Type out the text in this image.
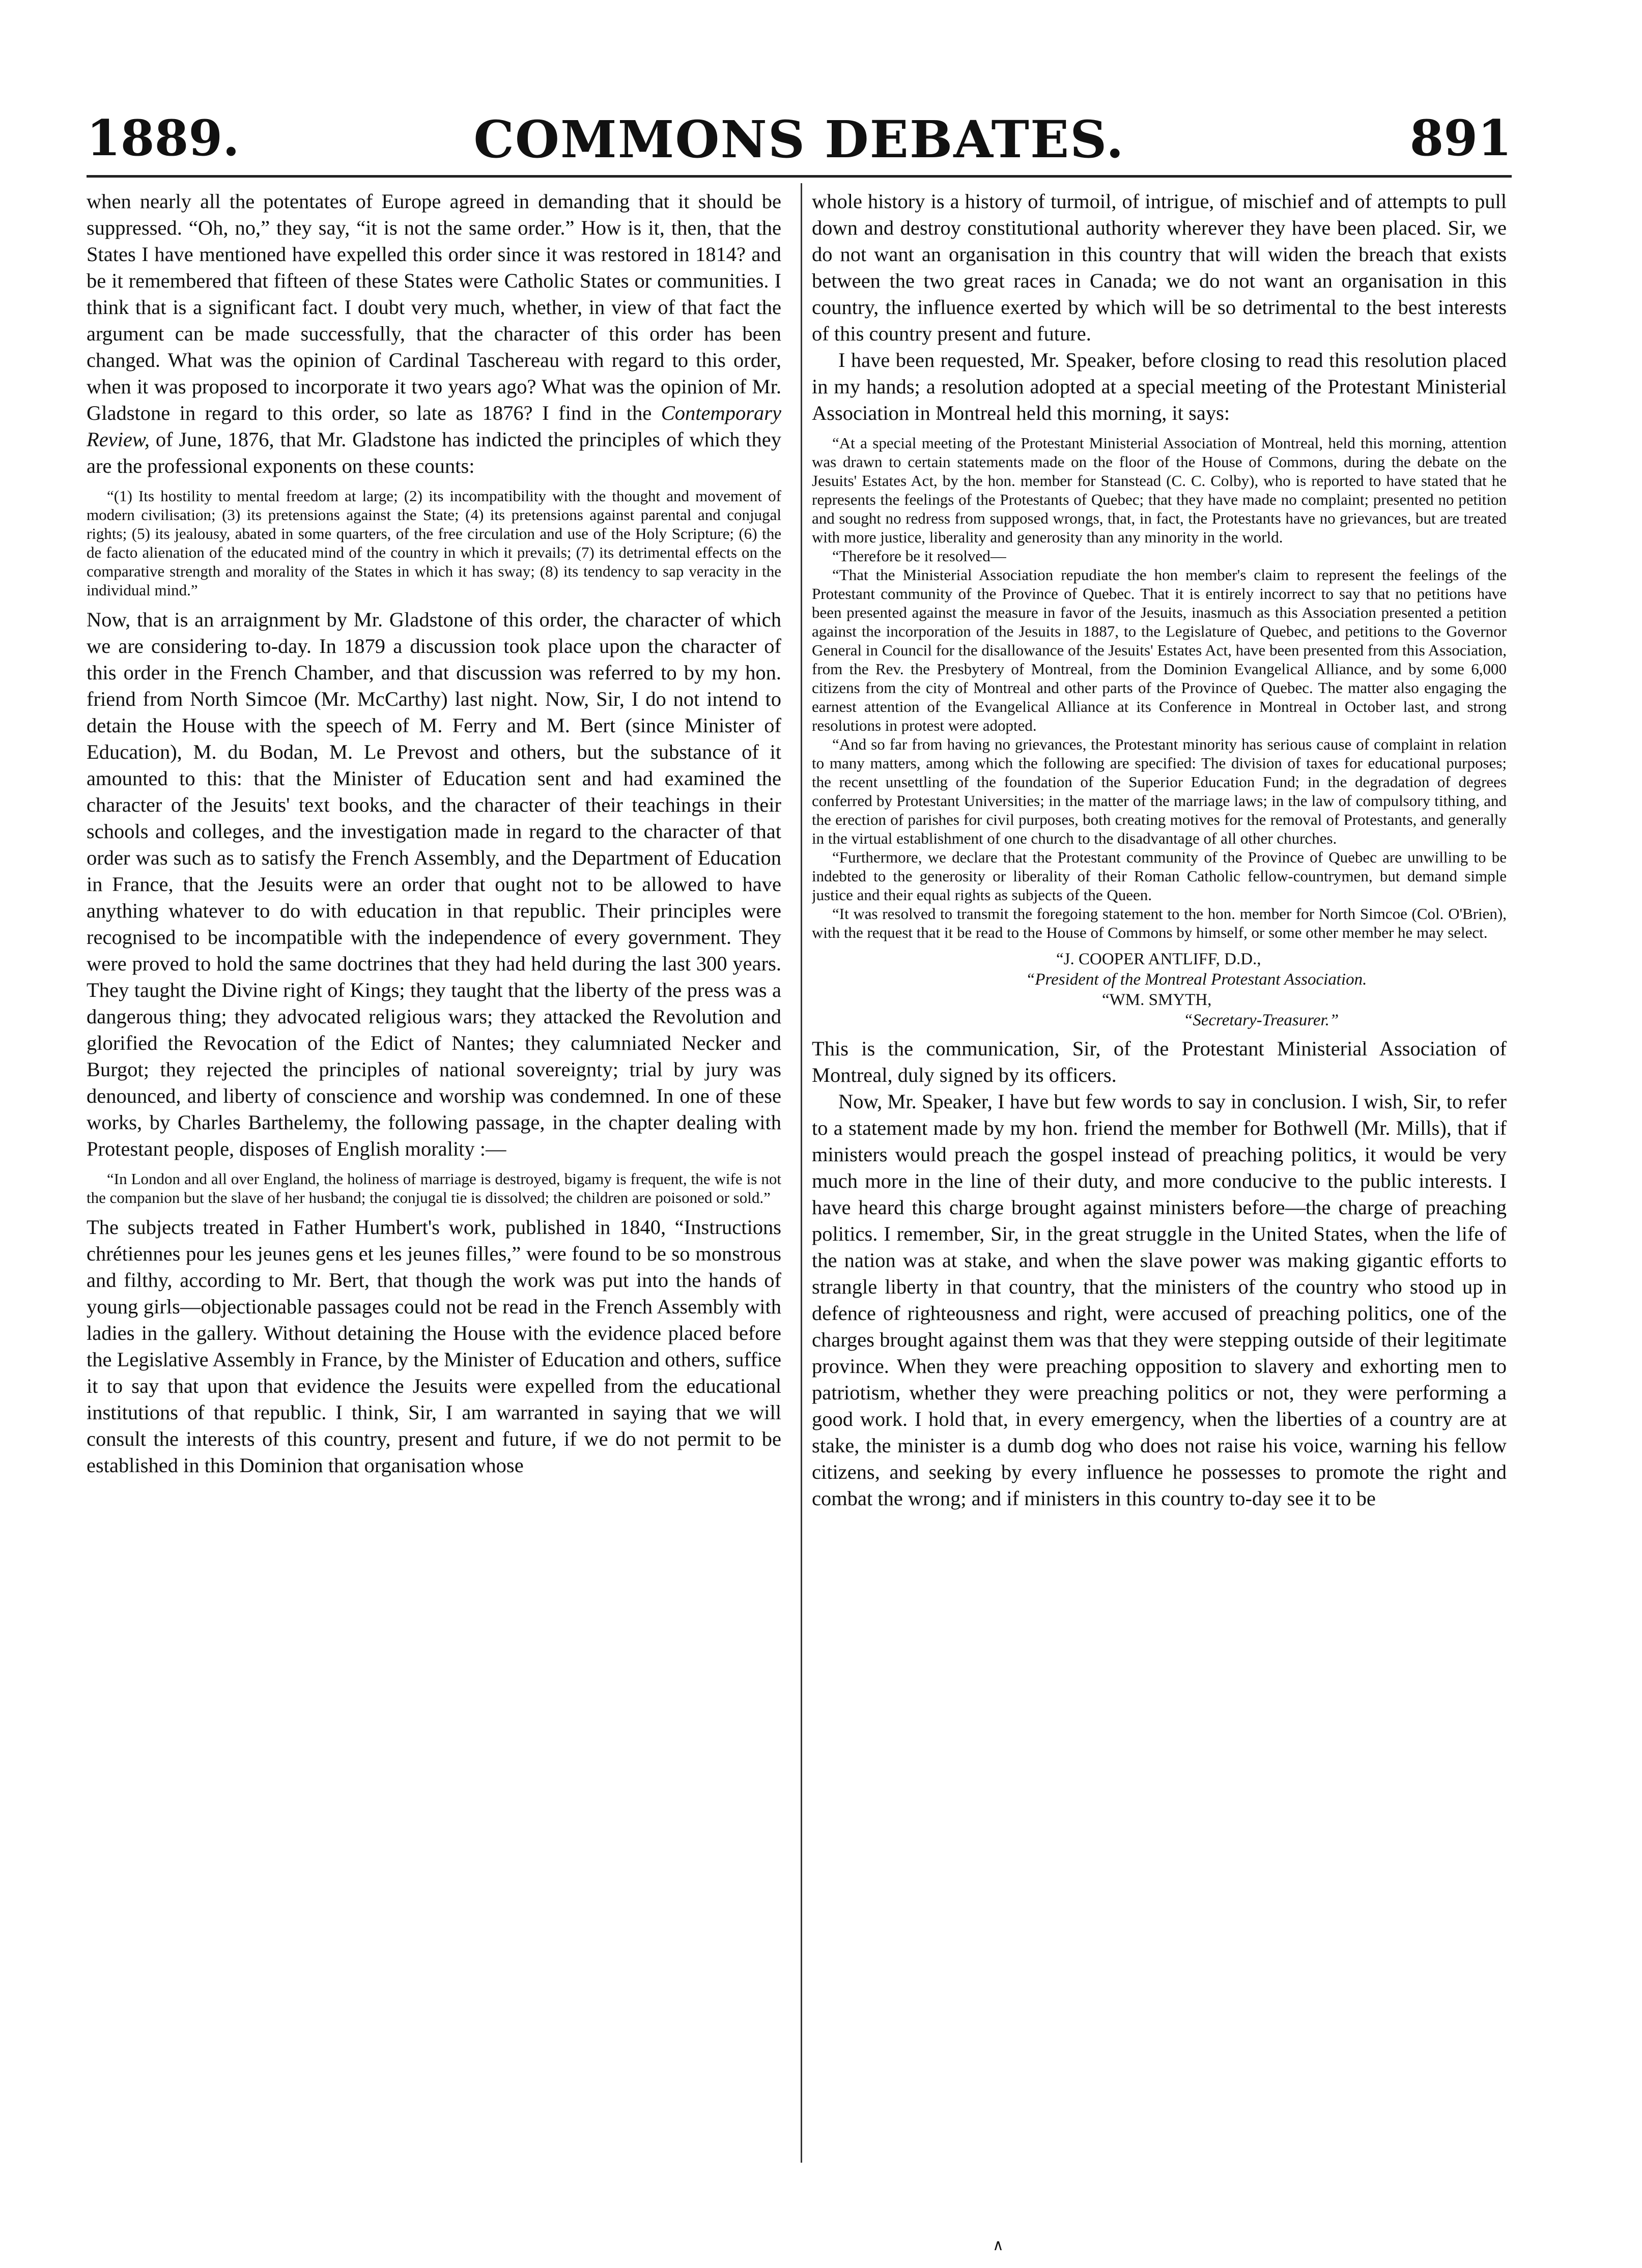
1889.	COMMONS DEBATES.	891

when nearly all the potentates of Europe agreed in demanding that it should be suppressed. “Oh, no,” they say, “it is not the same order.” How is it, then, that the States I have mentioned have expelled this order since it was restored in 1814? and be it remembered that fifteen of these States were Catholic States or communities. I think that is a significant fact. I doubt very much, whether, in view of that fact the argument can be made successfully, that the character of this order has been changed. What was the opinion of Cardinal Taschereau with regard to this order, when it was proposed to incorporate it two years ago? What was the opinion of Mr. Gladstone in regard to this order, so late as 1876? I find in the Contemporary Review, of June, 1876, that Mr. Gladstone has indicted the principles of which they are the professional exponents on these counts:

“(1) Its hostility to mental freedom at large; (2) its incompatibility with the thought and movement of modern civilisation; (3) its pretensions against the State; (4) its pretensions against parental and conjugal rights; (5) its jealousy, abated in some quarters, of the free circulation and use of the Holy Scripture; (6) the de facto alienation of the educated mind of the country in which it prevails; (7) its detrimental effects on the comparative strength and morality of the States in which it has sway; (8) its tendency to sap veracity in the individual mind.”

Now, that is an arraignment by Mr. Gladstone of this order, the character of which we are considering to-day. In 1879 a discussion took place upon the character of this order in the French Chamber, and that discussion was referred to by my hon. friend from North Simcoe (Mr. McCarthy) last night. Now, Sir, I do not intend to detain the House with the speech of M. Ferry and M. Bert (since Minister of Education), M. du Bodan, M. Le Prevost and others, but the substance of it amounted to this: that the Minister of Education sent and had examined the character of the Jesuits' text books, and the character of their teachings in their schools and colleges, and the investigation made in regard to the character of that order was such as to satisfy the French Assembly, and the Department of Education in France, that the Jesuits were an order that ought not to be allowed to have anything whatever to do with education in that republic. Their principles were recognised to be incompatible with the independence of every government. They were proved to hold the same doctrines that they had held during the last 300 years. They taught the Divine right of Kings; they taught that the liberty of the press was a dangerous thing; they advocated religious wars; they attacked the Revolution and glorified the Revocation of the Edict of Nantes; they calumniated Necker and Burgot; they rejected the principles of national sovereignty; trial by jury was denounced, and liberty of conscience and worship was condemned. In one of these works, by Charles Barthelemy, the following passage, in the chapter dealing with Protestant people, disposes of English morality :—

“In London and all over England, the holiness of marriage is destroyed, bigamy is frequent, the wife is not the companion but the slave of her husband; the conjugal tie is dissolved; the children are poisoned or sold.”

The subjects treated in Father Humbert's work, published in 1840, “Instructions chrétiennes pour les jeunes gens et les jeunes filles,” were found to be so monstrous and filthy, according to Mr. Bert, that though the work was put into the hands of young girls—objectionable passages could not be read in the French Assembly with ladies in the gallery. Without detaining the House with the evidence placed before the Legislative Assembly in France, by the Minister of Education and others, suffice it to say that upon that evidence the Jesuits were expelled from the educational institutions of that republic. I think, Sir, I am warranted in saying that we will consult the interests of this country, present and future, if we do not permit to be established in this Dominion that organisation whose

whole history is a history of turmoil, of intrigue, of mischief and of attempts to pull down and destroy constitutional authority wherever they have been placed. Sir, we do not want an organisation in this country that will widen the breach that exists between the two great races in Canada; we do not want an organisation in this country, the influence exerted by which will be so detrimental to the best interests of this country present and future.

I have been requested, Mr. Speaker, before closing to read this resolution placed in my hands; a resolution adopted at a special meeting of the Protestant Ministerial Association in Montreal held this morning, it says:

“At a special meeting of the Protestant Ministerial Association of Montreal, held this morning, attention was drawn to certain statements made on the floor of the House of Commons, during the debate on the Jesuits' Estates Act, by the hon. member for Stanstead (C. C. Colby), who is reported to have stated that he represents the feelings of the Protestants of Quebec; that they have made no complaint; presented no petition and sought no redress from supposed wrongs, that, in fact, the Protestants have no grievances, but are treated with more justice, liberality and generosity than any minority in the world.

“Therefore be it resolved—

“That the Ministerial Association repudiate the hon member's claim to represent the feelings of the Protestant community of the Province of Quebec. That it is entirely incorrect to say that no petitions have been presented against the measure in favor of the Jesuits, inasmuch as this Association presented a petition against the incorporation of the Jesuits in 1887, to the Legislature of Quebec, and petitions to the Governor General in Council for the disallowance of the Jesuits' Estates Act, have been presented from this Association, from the Rev. the Presbytery of Montreal, from the Dominion Evangelical Alliance, and by some 6,000 citizens from the city of Montreal and other parts of the Province of Quebec. The matter also engaging the earnest attention of the Evangelical Alliance at its Conference in Montreal in October last, and strong resolutions in protest were adopted.

“And so far from having no grievances, the Protestant minority has serious cause of complaint in relation to many matters, among which the following are specified: The division of taxes for educational purposes; the recent unsettling of the foundation of the Superior Education Fund; in the degradation of degrees conferred by Protestant Universities; in the matter of the marriage laws; in the law of compulsory tithing, and the erection of parishes for civil purposes, both creating motives for the removal of Protestants, and generally in the virtual establishment of one church to the disadvantage of all other churches.

“Furthermore, we declare that the Protestant community of the Province of Quebec are unwilling to be indebted to the generosity or liberality of their Roman Catholic fellow-countrymen, but demand simple justice and their equal rights as subjects of the Queen.

“It was resolved to transmit the foregoing statement to the hon. member for North Simcoe (Col. O'Brien), with the request that it be read to the House of Commons by himself, or some other member he may select.

“J. COOPER ANTLIFF, D.D.,
“President of the Montreal Protestant Association.
“WM. SMYTH,
“Secretary-Treasurer.”

This is the communication, Sir, of the Protestant Ministerial Association of Montreal, duly signed by its officers.

Now, Mr. Speaker, I have but few words to say in conclusion. I wish, Sir, to refer to a statement made by my hon. friend the member for Bothwell (Mr. Mills), that if ministers would preach the gospel instead of preaching politics, it would be very much more in the line of their duty, and more conducive to the public interests. I have heard this charge brought against ministers before—the charge of preaching politics. I remember, Sir, in the great struggle in the United States, when the life of the nation was at stake, and when the slave power was making gigantic efforts to strangle liberty in that country, that the ministers of the country who stood up in defence of righteousness and right, were accused of preaching politics, one of the charges brought against them was that they were stepping outside of their legitimate province. When they were preaching opposition to slavery and exhorting men to patriotism, whether they were preaching politics or not, they were performing a good work. I hold that, in every emergency, when the liberties of a country are at stake, the minister is a dumb dog who does not raise his voice, warning his fellow citizens, and seeking by every influence he possesses to promote the right and combat the wrong; and if ministers in this country to-day see it to be

∧
